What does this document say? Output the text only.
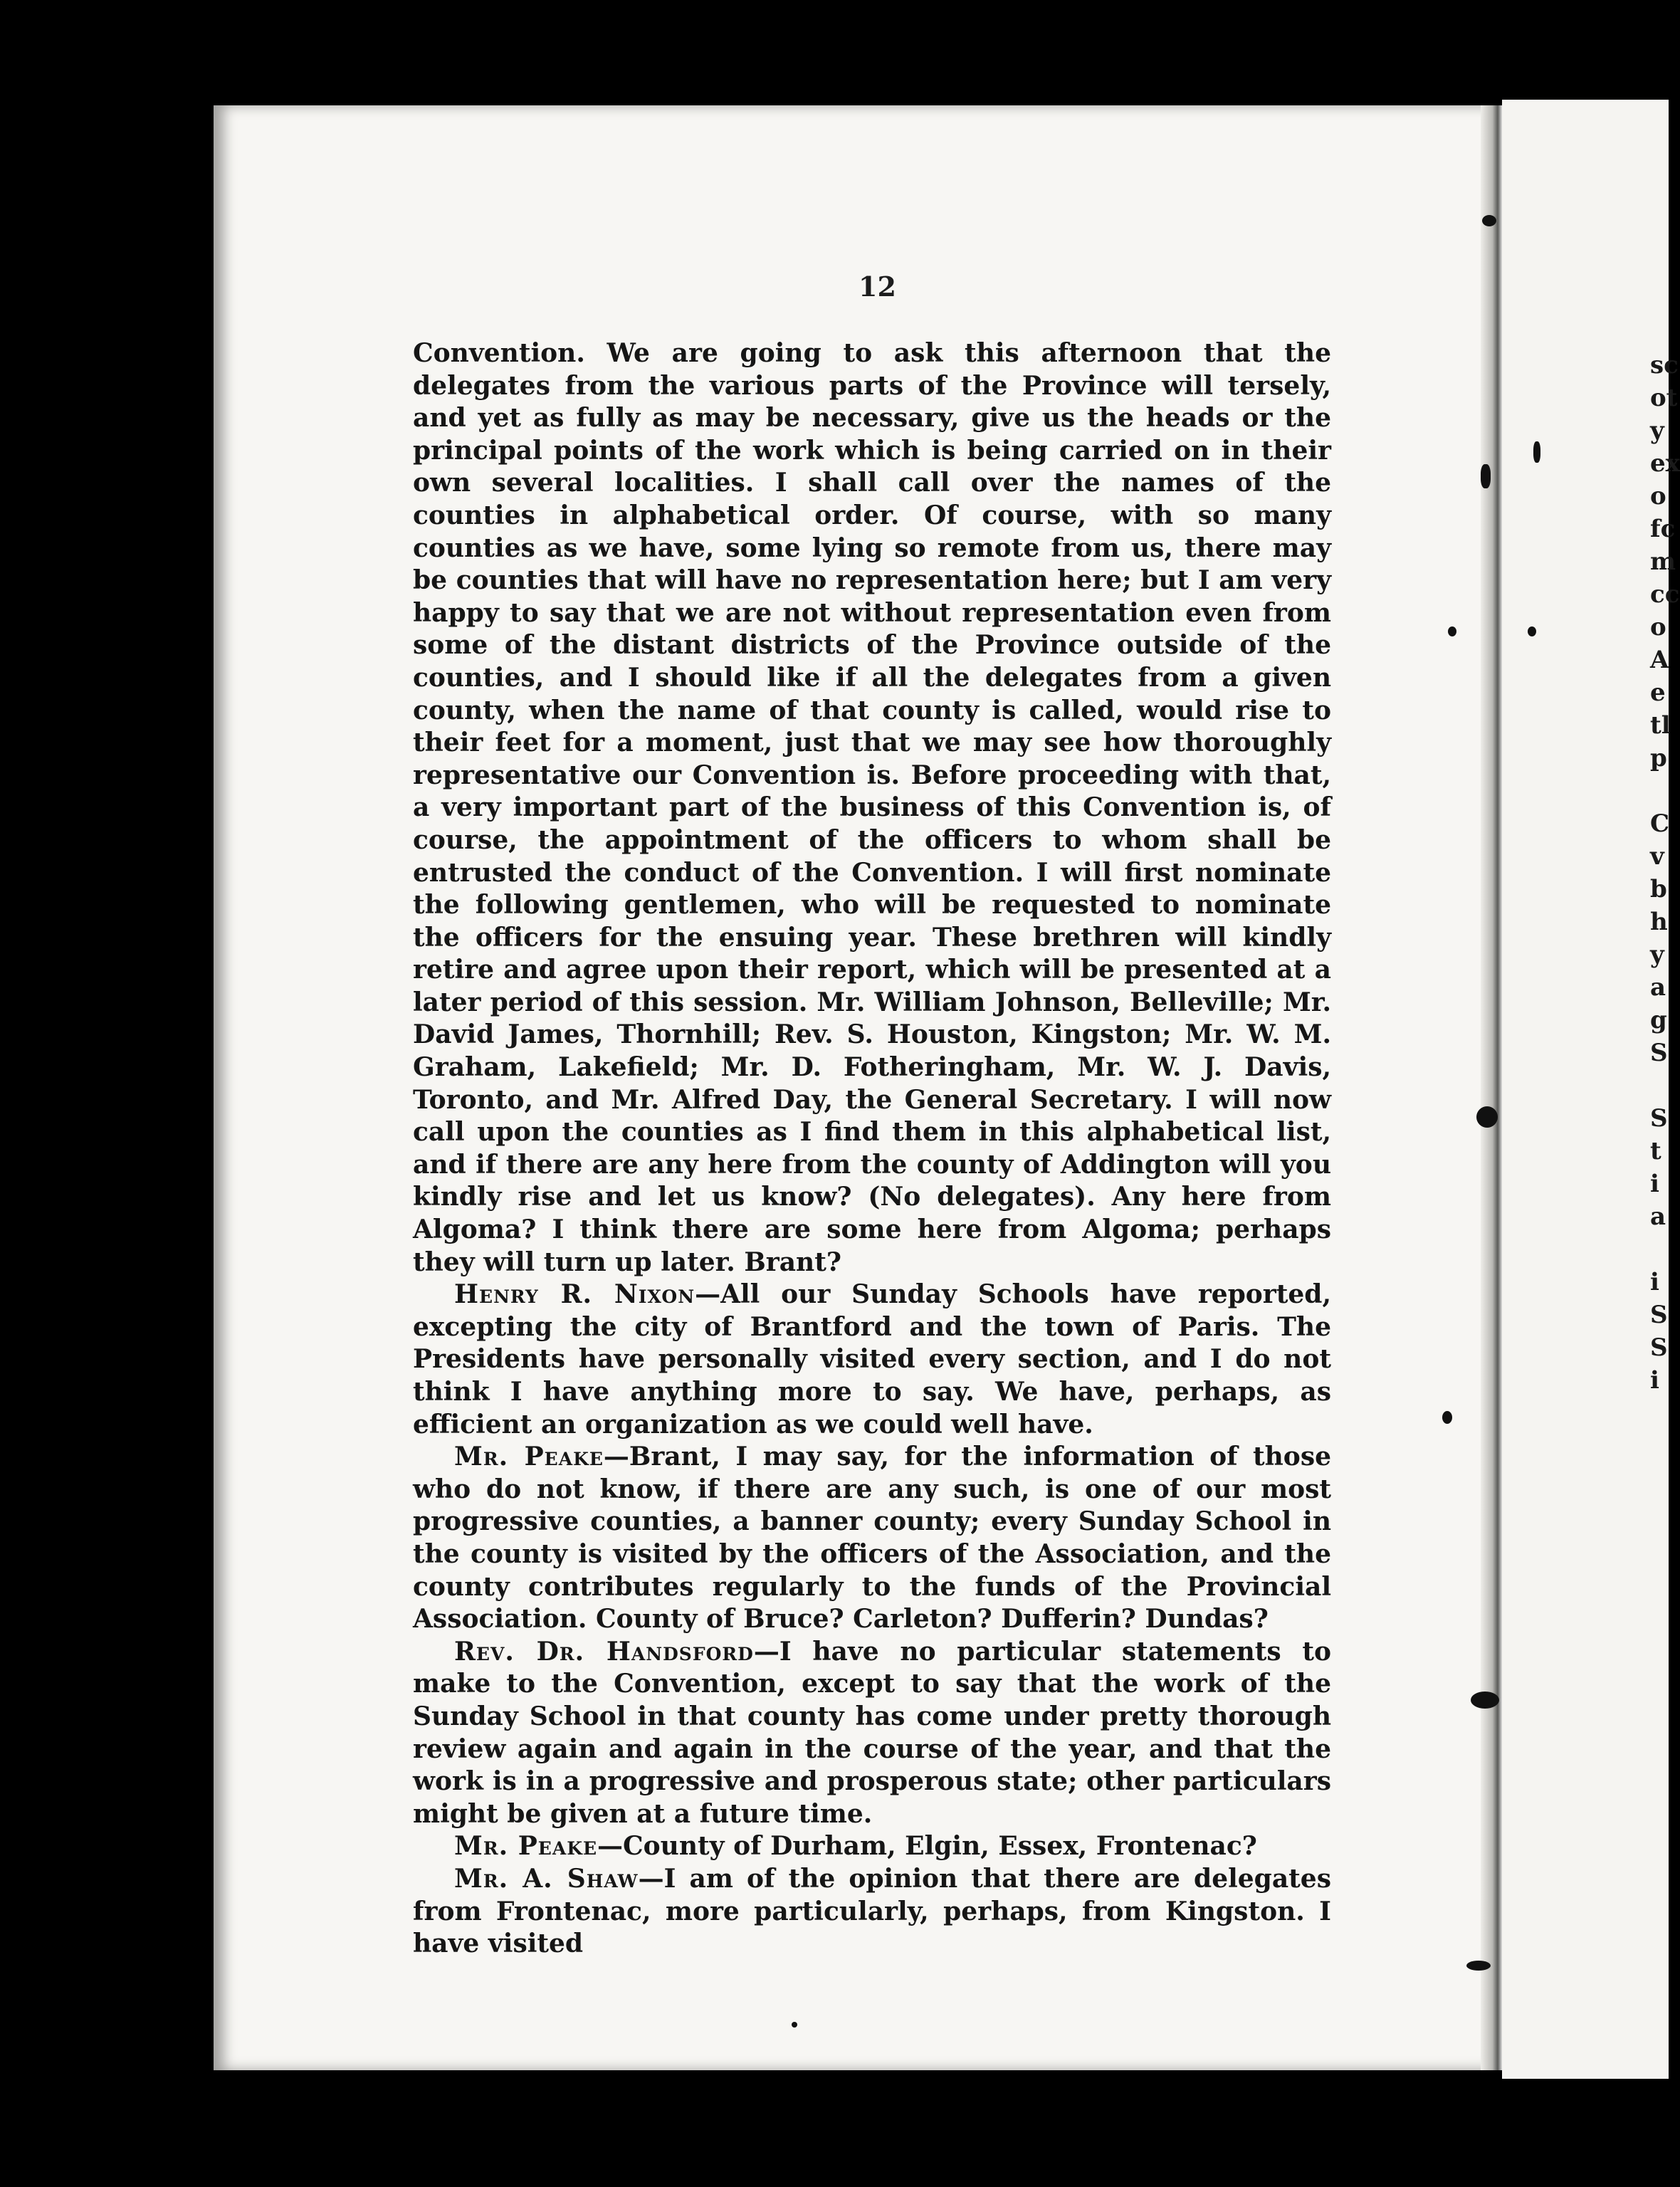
sc
ot
y
ex
o
fc
m
cc
o
A
e
tl
p

C
v
b
h
y
a
g
S

S
t
i
a

i
S
S
i
12

Convention. We are going to ask this afternoon that the delegates from the various parts of the Province will tersely, and yet as fully as may be necessary, give us the heads or the principal points of the work which is being carried on in their own several localities. I shall call over the names of the counties in alphabetical order. Of course, with so many counties as we have, some lying so remote from us, there may be counties that will have no representation here; but I am very happy to say that we are not without representation even from some of the distant districts of the Province outside of the counties, and I should like if all the delegates from a given county, when the name of that county is called, would rise to their feet for a moment, just that we may see how thoroughly representative our Convention is. Before proceeding with that, a very important part of the business of this Convention is, of course, the appointment of the officers to whom shall be entrusted the conduct of the Convention. I will first nominate the following gentlemen, who will be requested to nominate the officers for the ensuing year. These brethren will kindly retire and agree upon their report, which will be presented at a later period of this session. Mr. William Johnson, Belleville; Mr. David James, Thornhill; Rev. S. Houston, Kingston; Mr. W. M. Graham, Lakefield; Mr. D. Fotheringham, Mr. W. J. Davis, Toronto, and Mr. Alfred Day, the General Secretary. I will now call upon the counties as I find them in this alphabetical list, and if there are any here from the county of Addington will you kindly rise and let us know? (No delegates). Any here from Algoma? I think there are some here from Algoma; perhaps they will turn up later. Brant?

Henry R. Nixon—All our Sunday Schools have reported, excepting the city of Brantford and the town of Paris. The Presidents have personally visited every section, and I do not think I have anything more to say. We have, perhaps, as efficient an organization as we could well have.

Mr. Peake—Brant, I may say, for the information of those who do not know, if there are any such, is one of our most progressive counties, a banner county; every Sunday School in the county is visited by the officers of the Association, and the county contributes regularly to the funds of the Provincial Association. County of Bruce? Carleton? Dufferin? Dundas?

Rev. Dr. Handsford—I have no particular statements to make to the Convention, except to say that the work of the Sunday School in that county has come under pretty thorough review again and again in the course of the year, and that the work is in a progressive and prosperous state; other particulars might be given at a future time.

Mr. Peake—County of Durham, Elgin, Essex, Frontenac?

Mr. A. Shaw—I am of the opinion that there are delegates from Frontenac, more particularly, perhaps, from Kingston. I have visited
